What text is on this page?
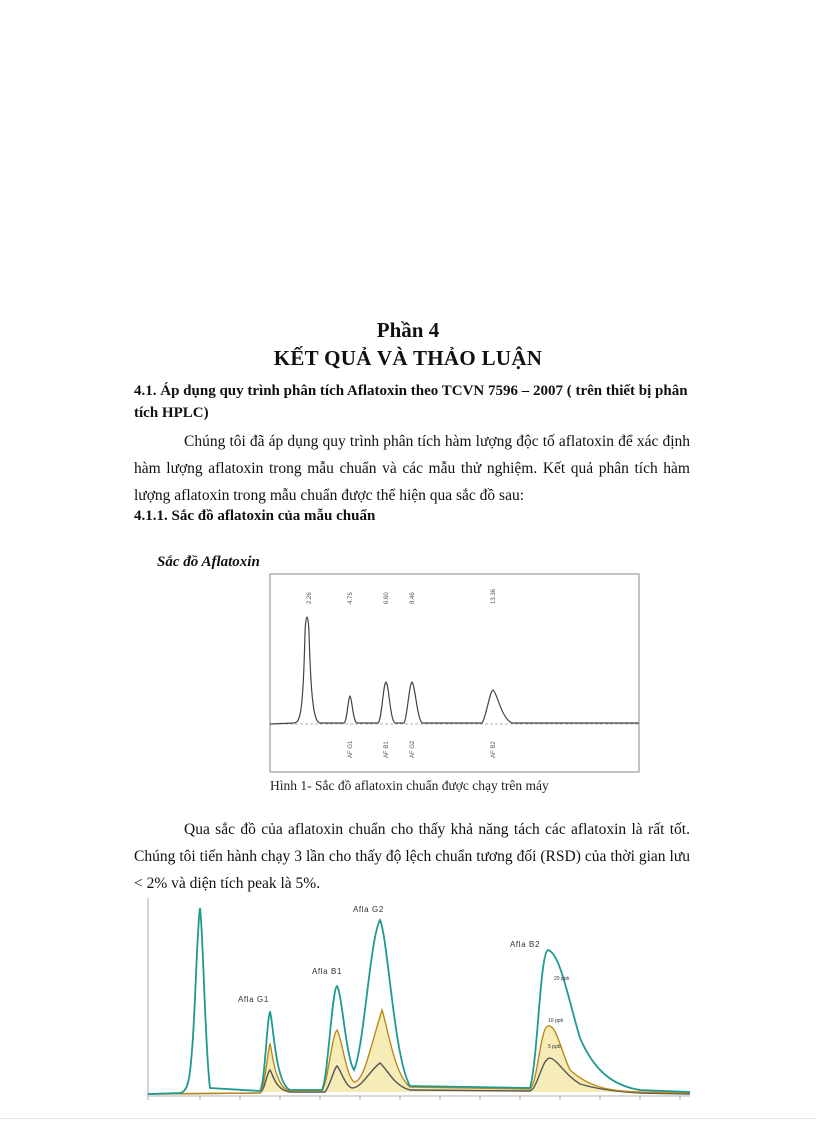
Phần 4
KẾT QUẢ VÀ THẢO LUẬN
4.1. Áp dụng quy trình phân tích Aflatoxin theo TCVN 7596 – 2007 ( trên thiết bị phân tích HPLC)
Chúng tôi đã áp dụng quy trình phân tích hàm lượng độc tố aflatoxin để xác định hàm lượng aflatoxin trong mẫu chuẩn và các mẫu thử nghiệm. Kết quả phân tích hàm lượng aflatoxin trong mẫu chuẩn được thể hiện qua sắc đồ sau:
4.1.1. Sắc đồ aflatoxin của mẫu chuẩn
Sắc đồ Aflatoxin
2.26	4.75	6.60	8.46	13.36
AF G1	AF B1	AF G2	AF B2
Hình 1- Sắc đồ aflatoxin chuẩn được chạy trên máy
Qua sắc đồ của aflatoxin chuẩn cho thấy khả năng tách các aflatoxin là rất tốt. Chúng tôi tiến hành chạy 3 lần cho thấy độ lệch chuẩn tương đối (RSD) của thời gian lưu < 2% và diện tích peak là 5%.
Afla G1
Afla B1
Afla G2
Afla B2
20 ppb
10 ppb
5 ppb
